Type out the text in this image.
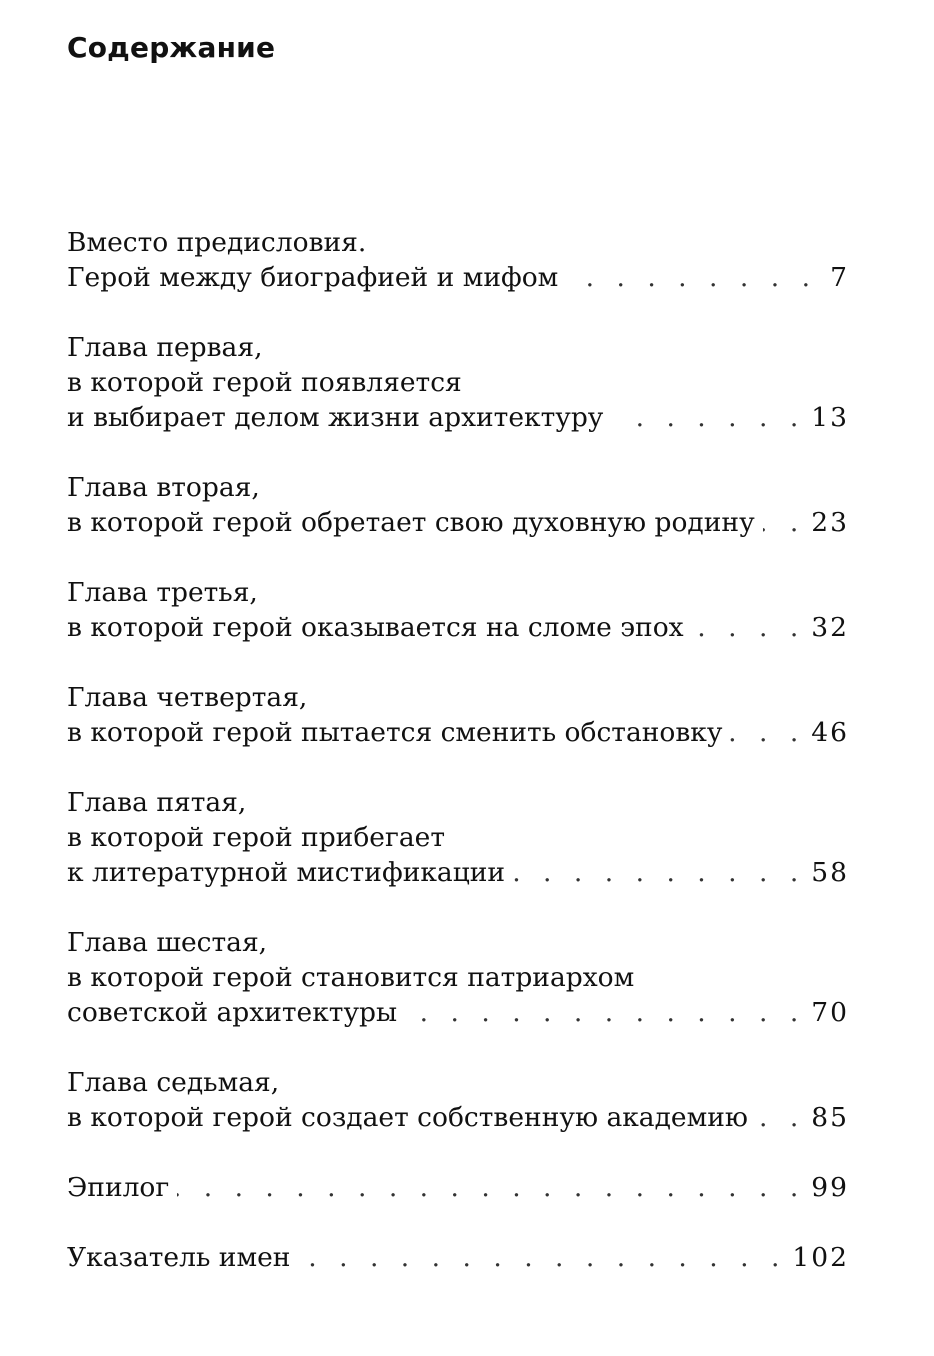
Содержание
Вместо предисловия.
Герой между биографией и мифом . . .	7
Глава первая,
в которой герой появляется
и выбирает делом жизни архитектуру . . .	13
Глава вторая,
в которой герой обретает свою духовную родину . . . 23
Глава третья,
в которой герой оказывается на сломе эпох . . .	32
Глава четвертая,
в которой герой пытается сменить обстановку . . .	46
Глава пятая,
в которой герой прибегает
к литературной мистификации . . .	58
Глава шестая,
в которой герой становится патриархом
советской архитектуры . . .	70
Глава седьмая,
в которой герой создает собственную академию . . . 85
Эпилог . . .	99
Указатель имен . . .	102
